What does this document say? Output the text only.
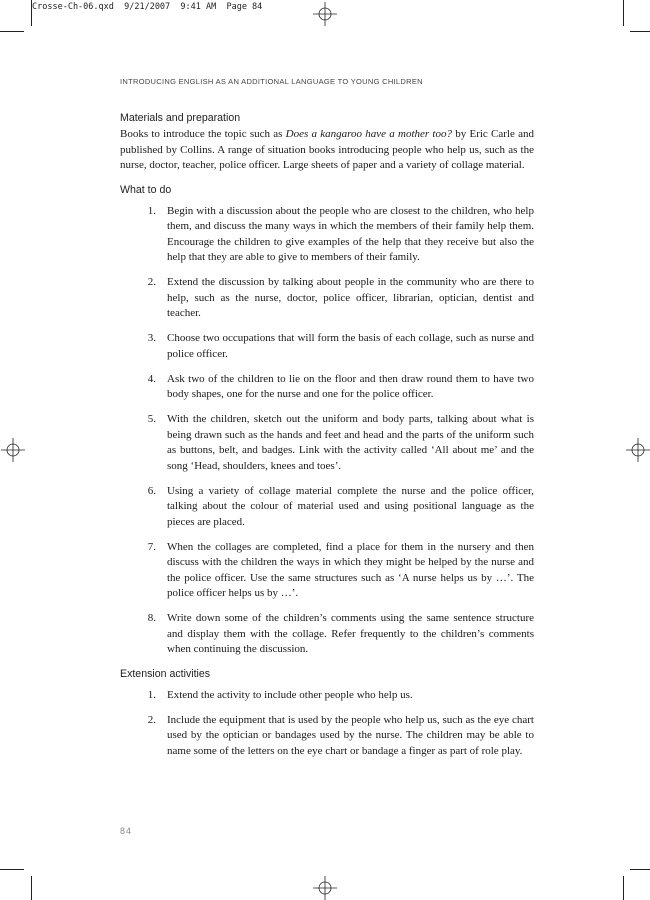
Crosse-Ch-06.qxd  9/21/2007  9:41 AM  Page 84
INTRODUCING ENGLISH AS AN ADDITIONAL LANGUAGE TO YOUNG CHILDREN
Materials and preparation

Books to introduce the topic such as Does a kangaroo have a mother too? by Eric Carle and published by Collins. A range of situation books introducing people who help us, such as the nurse, doctor, teacher, police officer. Large sheets of paper and a variety of collage material.

What to do
1.	Begin with a discussion about the people who are closest to the children, who help them, and discuss the many ways in which the members of their family help them. Encourage the children to give examples of the help that they receive but also the help that they are able to give to members of their family.
2.	Extend the discussion by talking about people in the community who are there to help, such as the nurse, doctor, police officer, librarian, optician, dentist and teacher.
3.	Choose two occupations that will form the basis of each collage, such as nurse and police officer.
4.	Ask two of the children to lie on the floor and then draw round them to have two body shapes, one for the nurse and one for the police officer.
5.	With the children, sketch out the uniform and body parts, talking about what is being drawn such as the hands and feet and head and the parts of the uniform such as buttons, belt, and badges. Link with the activity called ‘All about me’ and the song ‘Head, shoulders, knees and toes’.
6.	Using a variety of collage material complete the nurse and the police officer, talking about the colour of material used and using positional language as the pieces are placed.
7.	When the collages are completed, find a place for them in the nursery and then discuss with the children the ways in which they might be helped by the nurse and the police officer. Use the same structures such as ‘A nurse helps us by …’. The police officer helps us by …’.
8.	Write down some of the children’s comments using the same sentence structure and display them with the collage. Refer frequently to the children’s comments when continuing the discussion.
Extension activities
1.	Extend the activity to include other people who help us.
2.	Include the equipment that is used by the people who help us, such as the eye chart used by the optician or bandages used by the nurse. The children may be able to name some of the letters on the eye chart or bandage a finger as part of role play.
84
